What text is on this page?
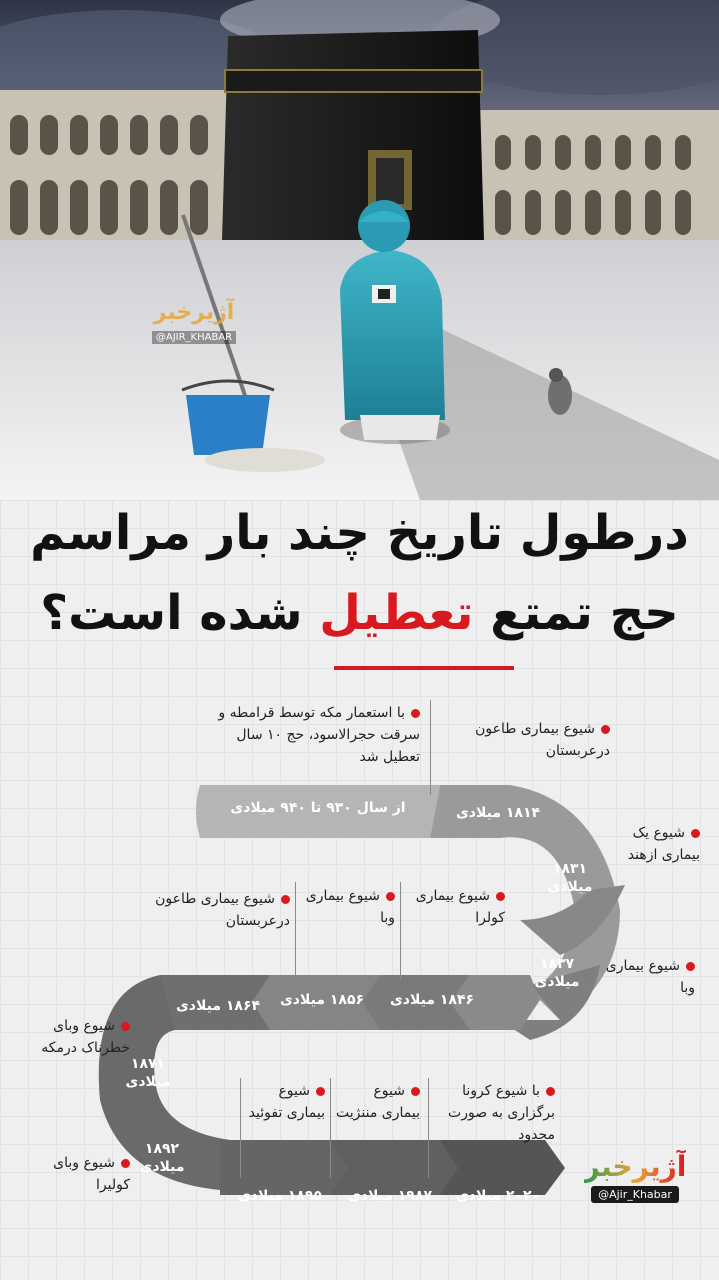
آژیرخبر
@AJIR_KHABAR
درطول تاریخ چند بار مراسم
حج تمتع تعطیل شده است؟
از سال ۹۳۰ تا ۹۴۰ میلادی	۱۸۱۴ میلادی
۱۸۳۱ میلادی
۱۸۳۷ میلادی
۱۸۴۶ میلادی
۱۸۵۶ میلادی
۱۸۶۴ میلادی
۱۸۷۱ میلادی
۱۸۹۲ میلادی
۱۸۹۵ میلادی	۱۹۸۷ میلادی	۲۰۲۰ میلادی
با استعمار مکه توسط قرامطه و سرقت حجرالاسود، حج ۱۰ سال تعطیل شد
شیوع بیماری طاعون درعربستان
شیوع یک بیماری ازهند
شیوع بیماری وبا
شیوع بیماری کولرا
شیوع بیماری وبا
شیوع بیماری طاعون درعربستان
شیوع وبای خطرناک درمکه
شیوع وبای کولیرا
شیوع بیماری تفوئید
شیوع بیماری مننژیت
با شیوع کرونا برگزاری به صورت محدود
آژیرخبر
@Ajir_Khabar
